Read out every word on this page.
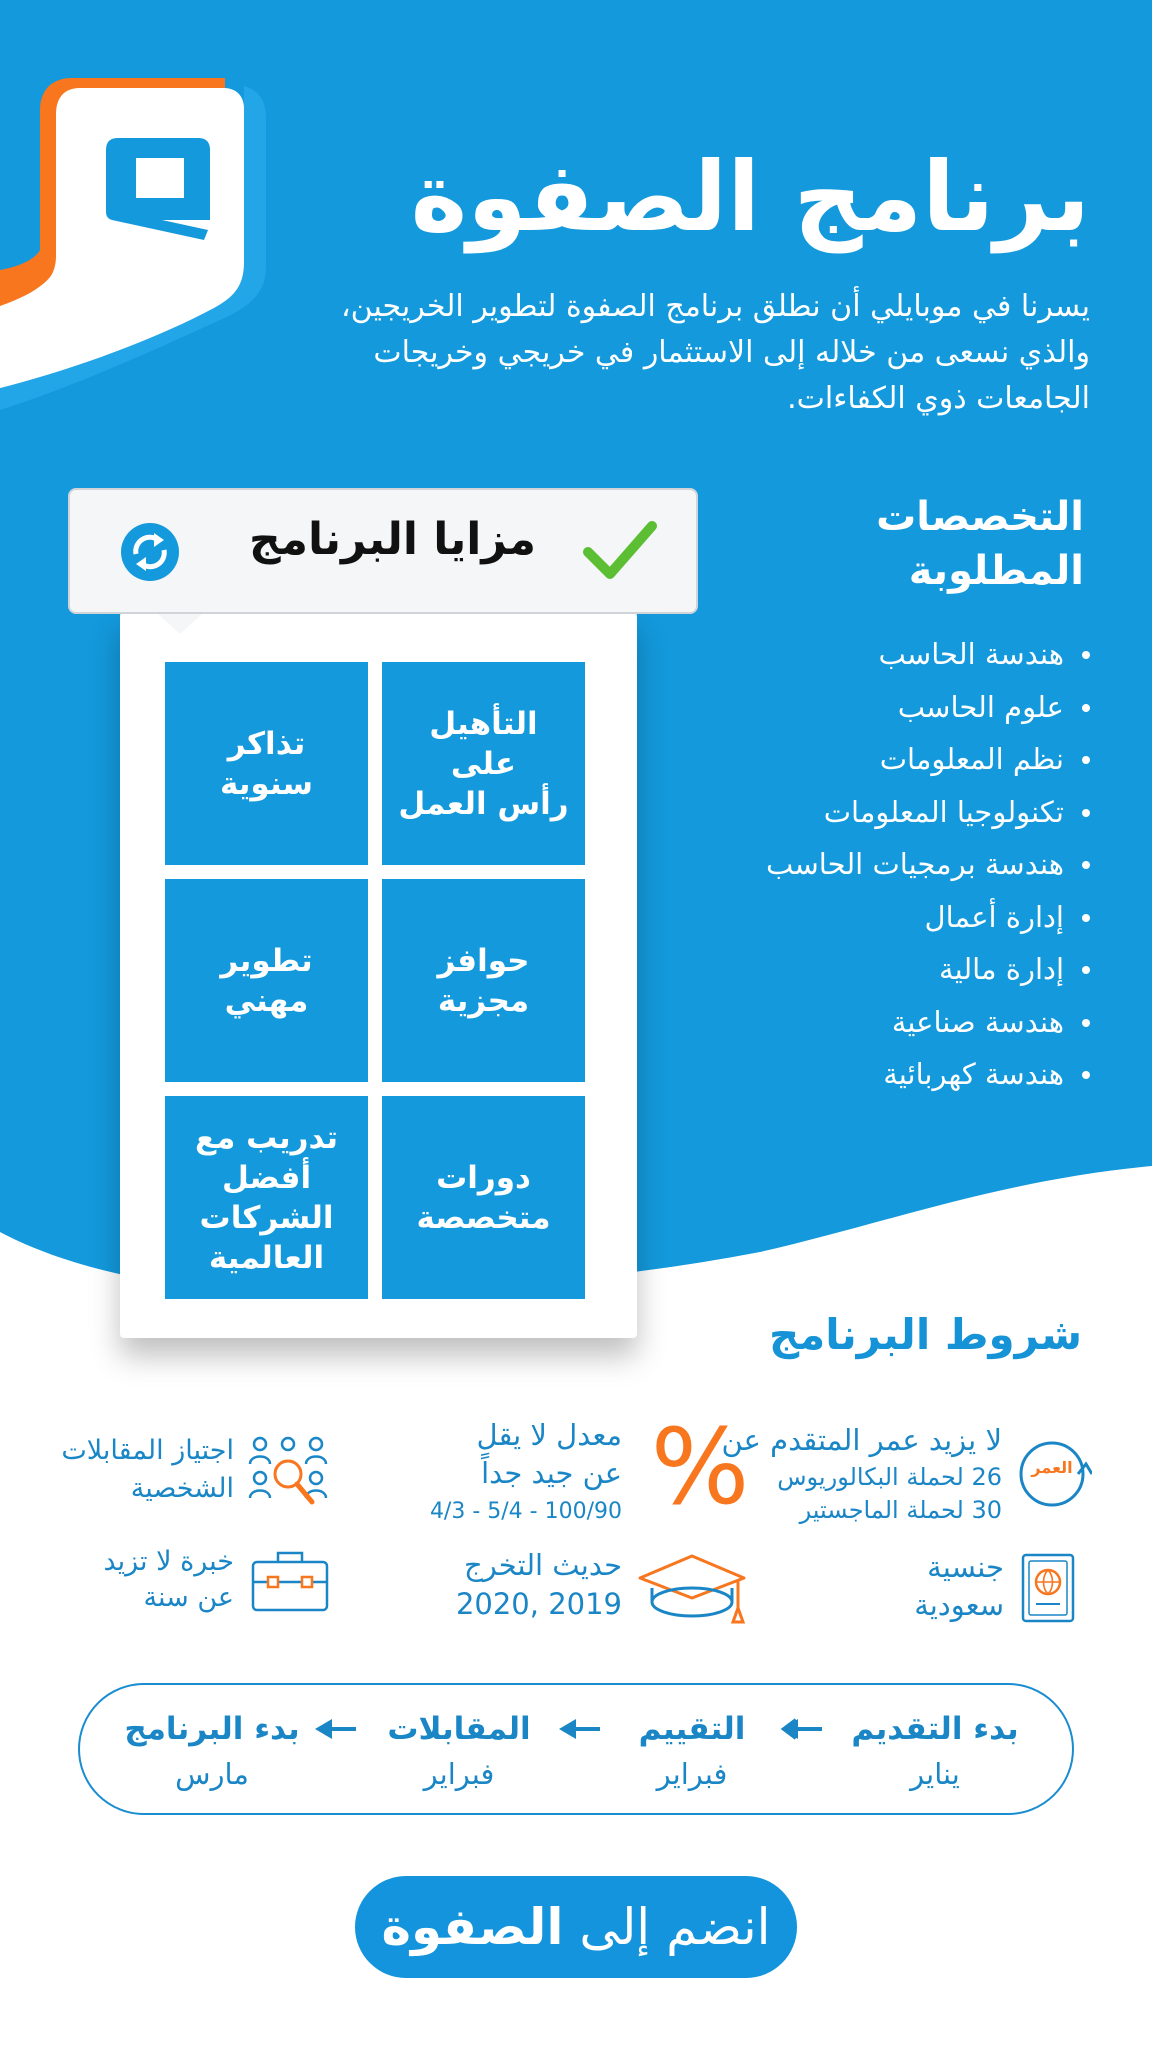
برنامج الصفوة
يسرنا في موبايلي أن نطلق برنامج الصفوة لتطوير الخريجين،
والذي نسعى من خلاله إلى الاستثمار في خريجي وخريجات
الجامعات ذوي الكفاءات.
التخصصات
المطلوبة
هندسة الحاسب
علوم الحاسب
نظم المعلومات
تكنولوجيا المعلومات
هندسة برمجيات الحاسب
إدارة أعمال
إدارة مالية
هندسة صناعية
هندسة كهربائية
التأهيل على
رأس العمل
تذاكر سنوية
حوافز مجزية
تطوير مهني
دورات
متخصصة
تدريب مع
أفضل
الشركات
العالمية
مزايا البرنامج
شروط البرنامج
العمر
لا يزيد عمر المتقدم عن
26 لحملة البكالوريوس
30 لحملة الماجستير
%
معدل لا يقل
عن جيد جداً
4/3 - 5/4 - 100/90
اجتياز المقابلات
الشخصية
جنسية
سعودية
حديث التخرج
2019 ,2020
خبرة لا تزيد
عن سنة
بدء التقديم
يناير
التقييم
فبراير
المقابلات
فبراير
بدء البرنامج
مارس
انضم إلى الصفوة
